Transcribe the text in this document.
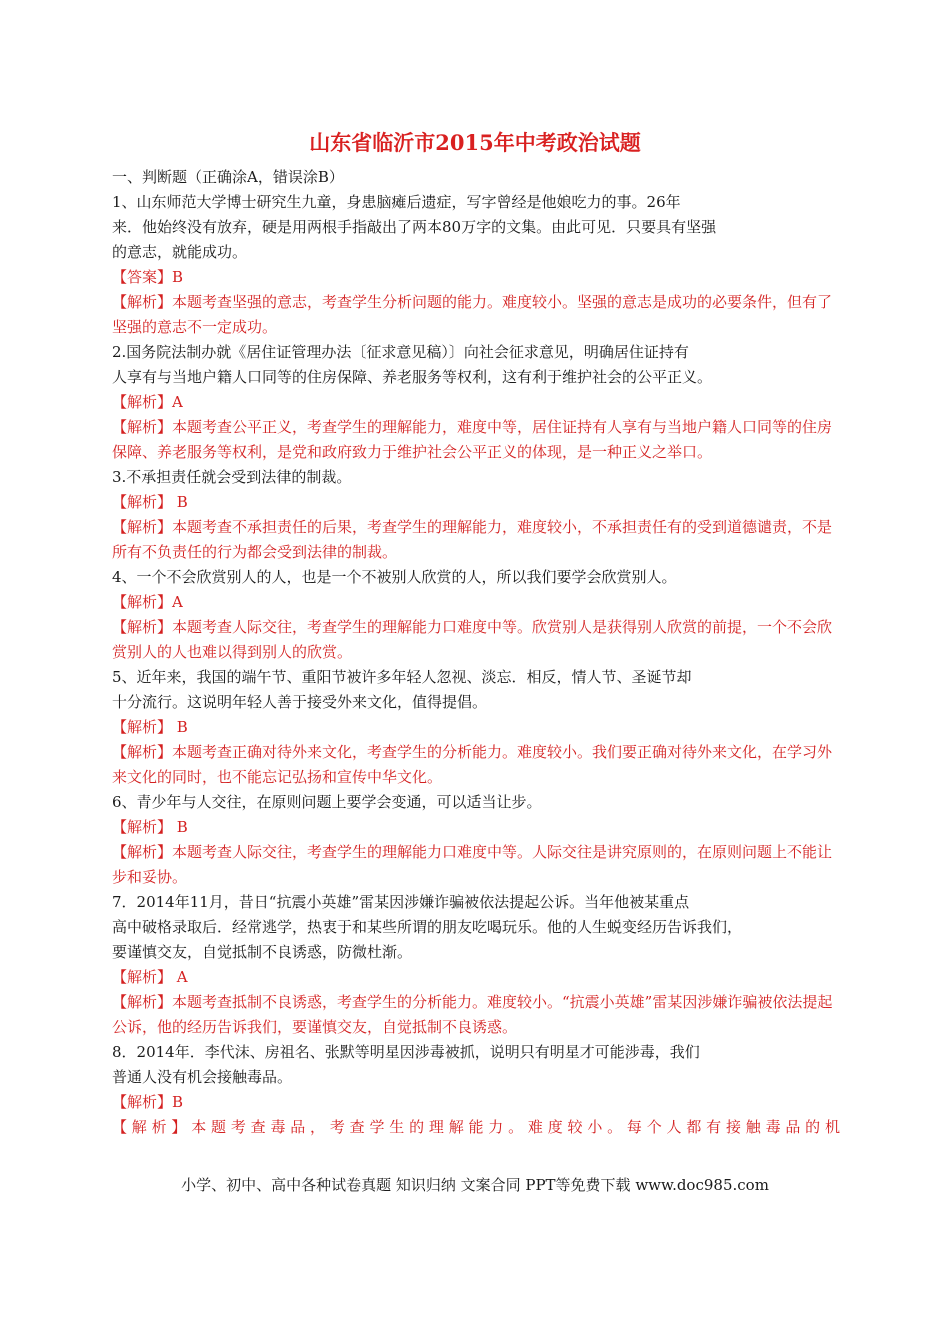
山东省临沂市2015年中考政治试题
一、判断题（正确涂A，错误涂B）
1、山东师范大学博士研究生九童，身患脑瘫后遗症，写字曾经是他娘吃力的事。26年
来．他始终没有放弃，硬是用两根手指敲出了两本80万字的文集。由此可见．只要具有坚强
的意志，就能成功。
【答案】B
【解析】本题考查坚强的意志，考查学生分析问题的能力。难度较小。坚强的意志是成功的必要条件，但有了坚强的意志不一定成功。
2.国务院法制办就《居住证管理办法〔征求意见稿）〕向社会征求意见，明确居住证持有
人享有与当地户籍人口同等的住房保障、养老服务等权利，这有利于维护社会的公平正义。
【解析】A
【解析】本题考查公平正义，考查学生的理解能力，难度中等，居住证持有人享有与当地户籍人口同等的住房保障、养老服务等权利，是党和政府致力于维护社会公平正义的体现，是一种正义之举口。
3.不承担责任就会受到法律的制裁。
【解析】 B
【解析】本题考查不承担责任的后果，考查学生的理解能力，难度较小，不承担责任有的受到道德谴责，不是所有不负责任的行为都会受到法律的制裁。
4、一个不会欣赏别人的人，也是一个不被别人欣赏的人，所以我们要学会欣赏别人。
【解析】A
【解析】本题考查人际交往，考查学生的理解能力口难度中等。欣赏别人是获得别人欣赏的前提，一个不会欣赏别人的人也难以得到别人的欣赏。
5、近年来，我国的端午节、重阳节被许多年轻人忽视、淡忘．相反，情人节、圣诞节却
十分流行。这说明年轻人善于接受外来文化，值得提倡。
【解析】 B
【解析】本题考查正确对待外来文化，考查学生的分析能力。难度较小。我们要正确对待外来文化，在学习外来文化的同时，也不能忘记弘扬和宣传中华文化。
6、青少年与人交往，在原则问题上要学会变通，可以适当让步。
【解析】 B
【解析】本题考查人际交往，考查学生的理解能力口难度中等。人际交往是讲究原则的，在原则问题上不能让步和妥协。
7．2014年11月，昔日“抗震小英雄”雷某因涉嫌诈骗被依法提起公诉。当年他被某重点
高中破格录取后．经常逃学，热衷于和某些所谓的朋友吃喝玩乐。他的人生蜕变经历告诉我们，
要谨慎交友，自觉抵制不良诱惑，防微杜渐。
【解析】 A
【解析】本题考查抵制不良诱惑，考查学生的分析能力。难度较小。“抗震小英雄”雷某因涉嫌诈骗被依法提起公诉，他的经历告诉我们，要谨慎交友，自觉抵制不良诱惑。
8．2014年．李代沫、房祖名、张默等明星因涉毒被抓，说明只有明星才可能涉毒，我们
普通人没有机会接触毒品。
【解析】B
【解析】本题考查毒品，考查学生的理解能力。难度较小。每个人都有接触毒品的机
小学、初中、高中各种试卷真题 知识归纳 文案合同 PPT等免费下载 www.doc985.com
